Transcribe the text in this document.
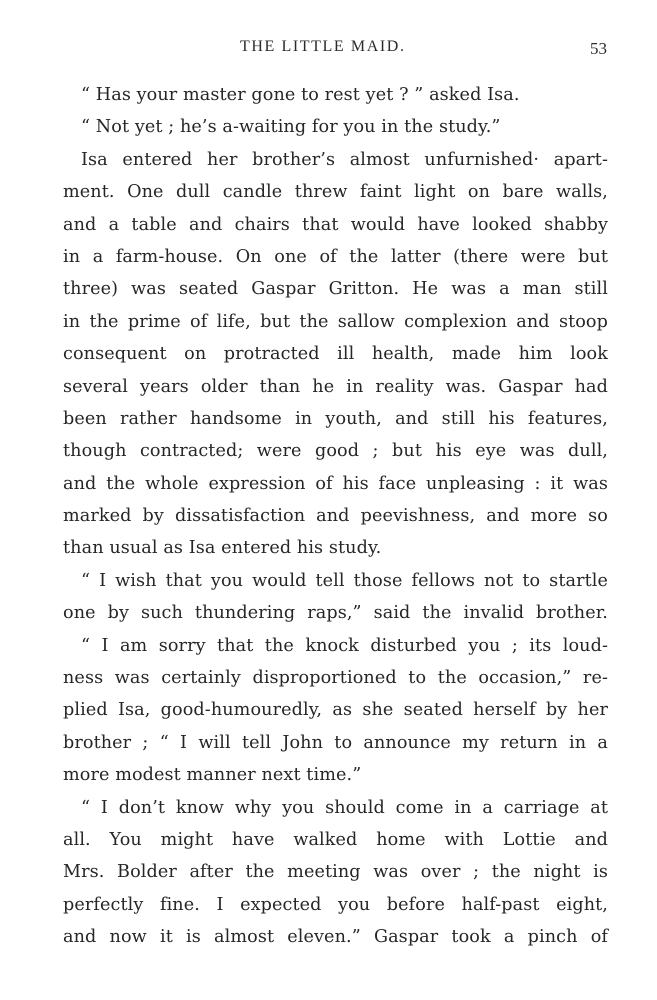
THE LITTLE MAID.	53
“ Has your master gone to rest yet ? ” asked Isa.
“ Not yet ; he’s a-waiting for you in the study.”
Isa entered her brother’s almost unfurnished· apart-
ment. One dull candle threw faint light on bare walls,
and a table and chairs that would have looked shabby
in a farm-house. On one of the latter (there were but
three) was seated Gaspar Gritton. He was a man still
in the prime of life, but the sallow complexion and stoop
consequent on protracted ill health, made him look
several years older than he in reality was. Gaspar had
been rather handsome in youth, and still his features,
though contracted; were good ; but his eye was dull,
and the whole expression of his face unpleasing : it was
marked by dissatisfaction and peevishness, and more so
than usual as Isa entered his study.
“ I wish that you would tell those fellows not to startle
one by such thundering raps,” said the invalid brother.
“ I am sorry that the knock disturbed you ; its loud-
ness was certainly disproportioned to the occasion,” re-
plied Isa, good-humouredly, as she seated herself by her
brother ; “ I will tell John to announce my return in a
more modest manner next time.”
“ I don’t know why you should come in a carriage at
all. You might have walked home with Lottie and
Mrs. Bolder after the meeting was over ; the night is
perfectly fine. I expected you before half-past eight,
and now it is almost eleven.” Gaspar took a pinch of
